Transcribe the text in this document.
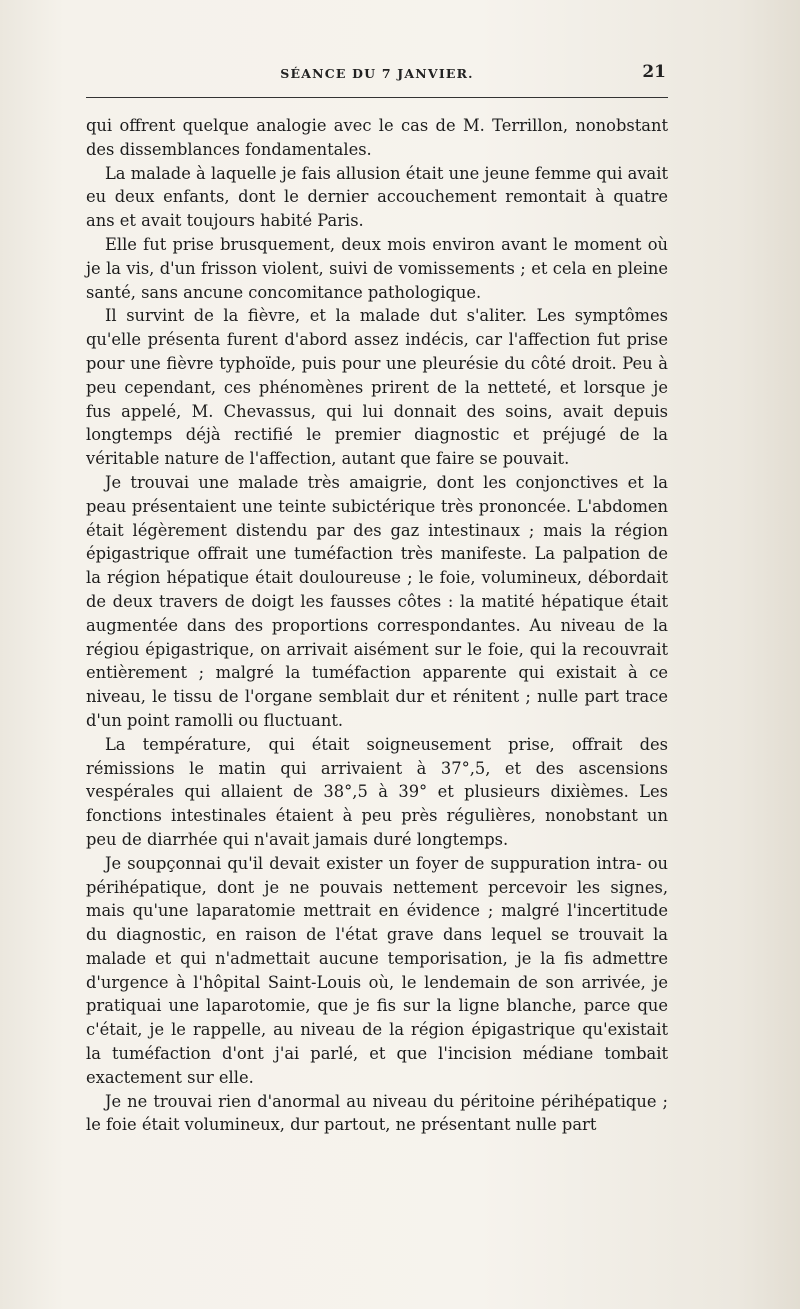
SÉANCE DU 7 JANVIER.	21

qui offrent quelque analogie avec le cas de M. Terrillon, nonobstant des dissemblances fondamentales.

La malade à laquelle je fais allusion était une jeune femme qui avait eu deux enfants, dont le dernier accouchement remontait à quatre ans et avait toujours habité Paris.

Elle fut prise brusquement, deux mois environ avant le moment où je la vis, d'un frisson violent, suivi de vomissements ; et cela en pleine santé, sans ancune concomitance pathologique.

Il survint de la fièvre, et la malade dut s'aliter. Les symptômes qu'elle présenta furent d'abord assez indécis, car l'affection fut prise pour une fièvre typhoïde, puis pour une pleurésie du côté droit. Peu à peu cependant, ces phénomènes prirent de la netteté, et lorsque je fus appelé, M. Chevassus, qui lui donnait des soins, avait depuis longtemps déjà rectifié le premier diagnostic et préjugé de la véritable nature de l'affection, autant que faire se pouvait.

Je trouvai une malade très amaigrie, dont les conjonctives et la peau présentaient une teinte subictérique très prononcée. L'abdomen était légèrement distendu par des gaz intestinaux ; mais la région épigastrique offrait une tuméfaction très manifeste. La palpation de la région hépatique était douloureuse ; le foie, volumineux, débordait de deux travers de doigt les fausses côtes : la matité hépatique était augmentée dans des proportions correspondantes. Au niveau de la régiou épigastrique, on arrivait aisément sur le foie, qui la recouvrait entièrement ; malgré la tuméfaction apparente qui existait à ce niveau, le tissu de l'organe semblait dur et rénitent ; nulle part trace d'un point ramolli ou fluctuant.

La température, qui était soigneusement prise, offrait des rémissions le matin qui arrivaient à 37°,5, et des ascensions vespérales qui allaient de 38°,5 à 39° et plusieurs dixièmes. Les fonctions intestinales étaient à peu près régulières, nonobstant un peu de diarrhée qui n'avait jamais duré longtemps.

Je soupçonnai qu'il devait exister un foyer de suppuration intra- ou périhépatique, dont je ne pouvais nettement percevoir les signes, mais qu'une laparatomie mettrait en évidence ; malgré l'incertitude du diagnostic, en raison de l'état grave dans lequel se trouvait la malade et qui n'admettait aucune temporisation, je la fis admettre d'urgence à l'hôpital Saint-Louis où, le lendemain de son arrivée, je pratiquai une laparotomie, que je fis sur la ligne blanche, parce que c'était, je le rappelle, au niveau de la région épigastrique qu'existait la tuméfaction d'ont j'ai parlé, et que l'incision médiane tombait exactement sur elle.

Je ne trouvai rien d'anormal au niveau du péritoine périhépatique ; le foie était volumineux, dur partout, ne présentant nulle part
